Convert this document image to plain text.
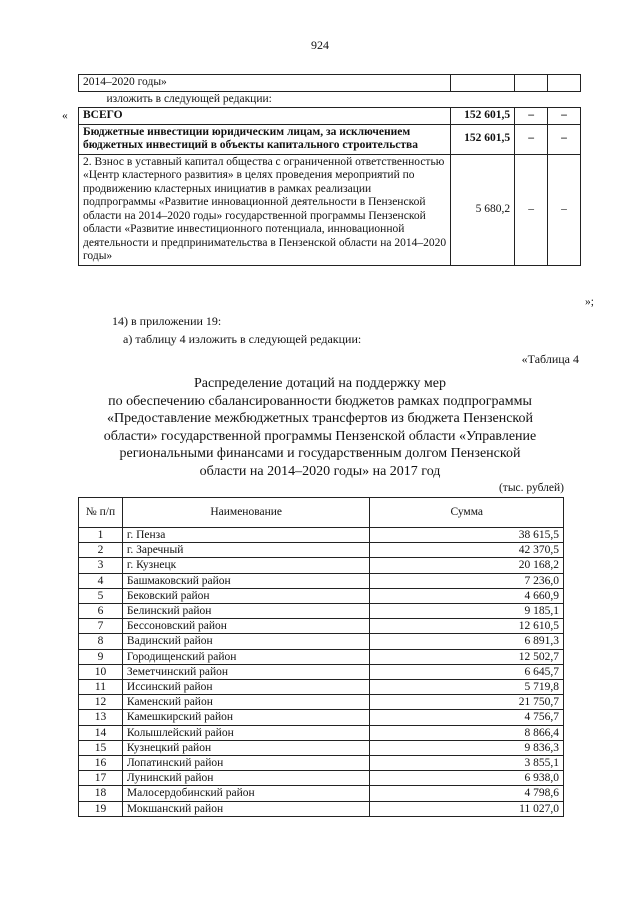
924
2014–2020 годы»			
изложить в следующей редакции:			
ВСЕГО	152 601,5	–	–
Бюджетные инвестиции юридическим лицам, за исключением бюджетных инвестиций в объекты капитального строительства	152 601,5	–	–
2. Взнос в уставный капитал общества с ограниченной ответственностью «Центр кластерного развития» в целях проведения мероприятий по продвижению кластерных инициатив в рамках реализации подпрограммы «Развитие инновационной деятельности в Пензенской области на 2014–2020 годы» государственной программы Пензенской области «Развитие инвестиционного потенциала, инновационной деятельности и предпринимательства в Пензенской области на 2014–2020 годы»	5 680,2	–	–
«
»;
14) в приложении 19:
а) таблицу 4 изложить в следующей редакции:
«Таблица 4
Распределение дотаций на поддержку мер
по обеспечению сбалансированности бюджетов рамках подпрограммы
«Предоставление межбюджетных трансфертов из бюджета Пензенской
области» государственной программы Пензенской области «Управление
региональными финансами и государственным долгом Пензенской
области на 2014–2020 годы» на 2017 год
(тыс. рублей)
№ п/п	Наименование	Сумма
1	г. Пенза	38 615,5
2	г. Заречный	42 370,5
3	г. Кузнецк	20 168,2
4	Башмаковский район	7 236,0
5	Бековский район	4 660,9
6	Белинский район	9 185,1
7	Бессоновский район	12 610,5
8	Вадинский район	6 891,3
9	Городищенский район	12 502,7
10	Земетчинский район	6 645,7
11	Иссинский район	5 719,8
12	Каменский район	21 750,7
13	Камешкирский район	4 756,7
14	Колышлейский район	8 866,4
15	Кузнецкий район	9 836,3
16	Лопатинский район	3 855,1
17	Лунинский район	6 938,0
18	Малосердобинский район	4 798,6
19	Мокшанский район	11 027,0
